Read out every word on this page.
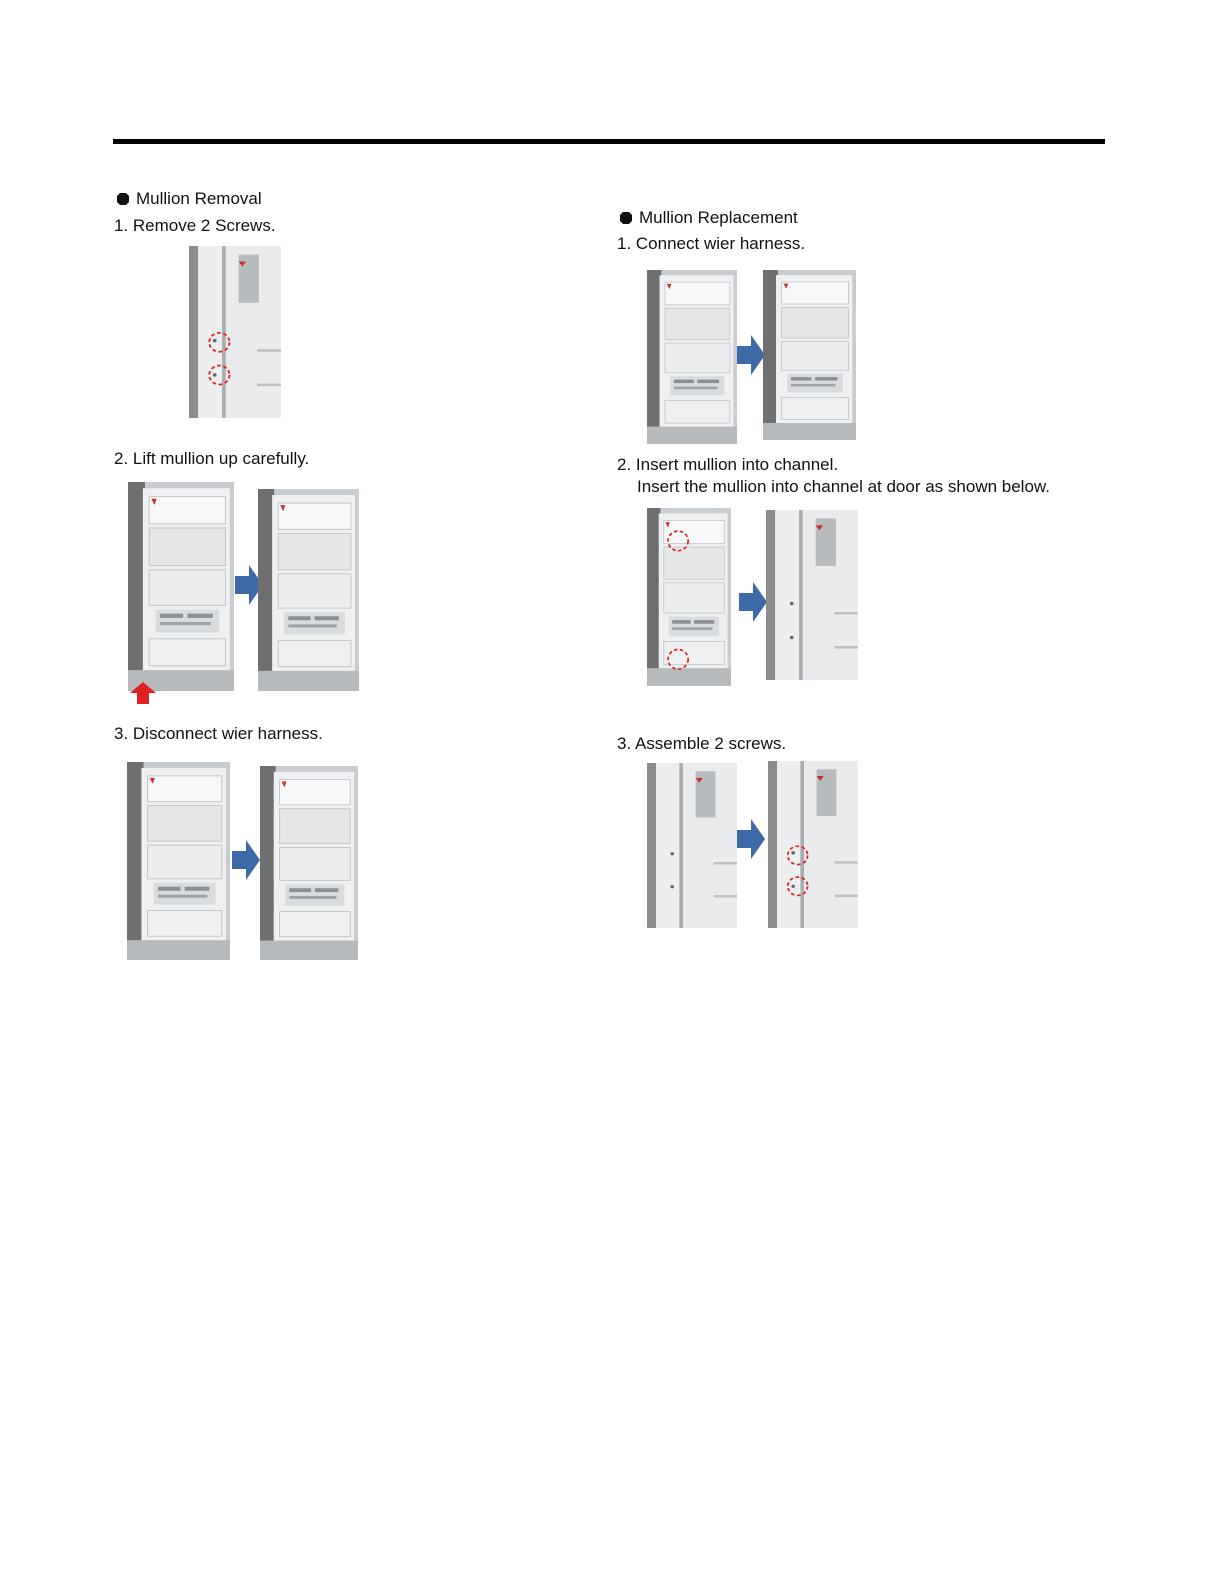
Mullion Removal
1. Remove 2 Screws.
2. Lift mullion up carefully.
3. Disconnect wier harness.
Mullion Replacement
1. Connect wier harness.
2. Insert mullion into channel.
Insert the mullion into channel at door as shown below.
3. Assemble 2 screws.
